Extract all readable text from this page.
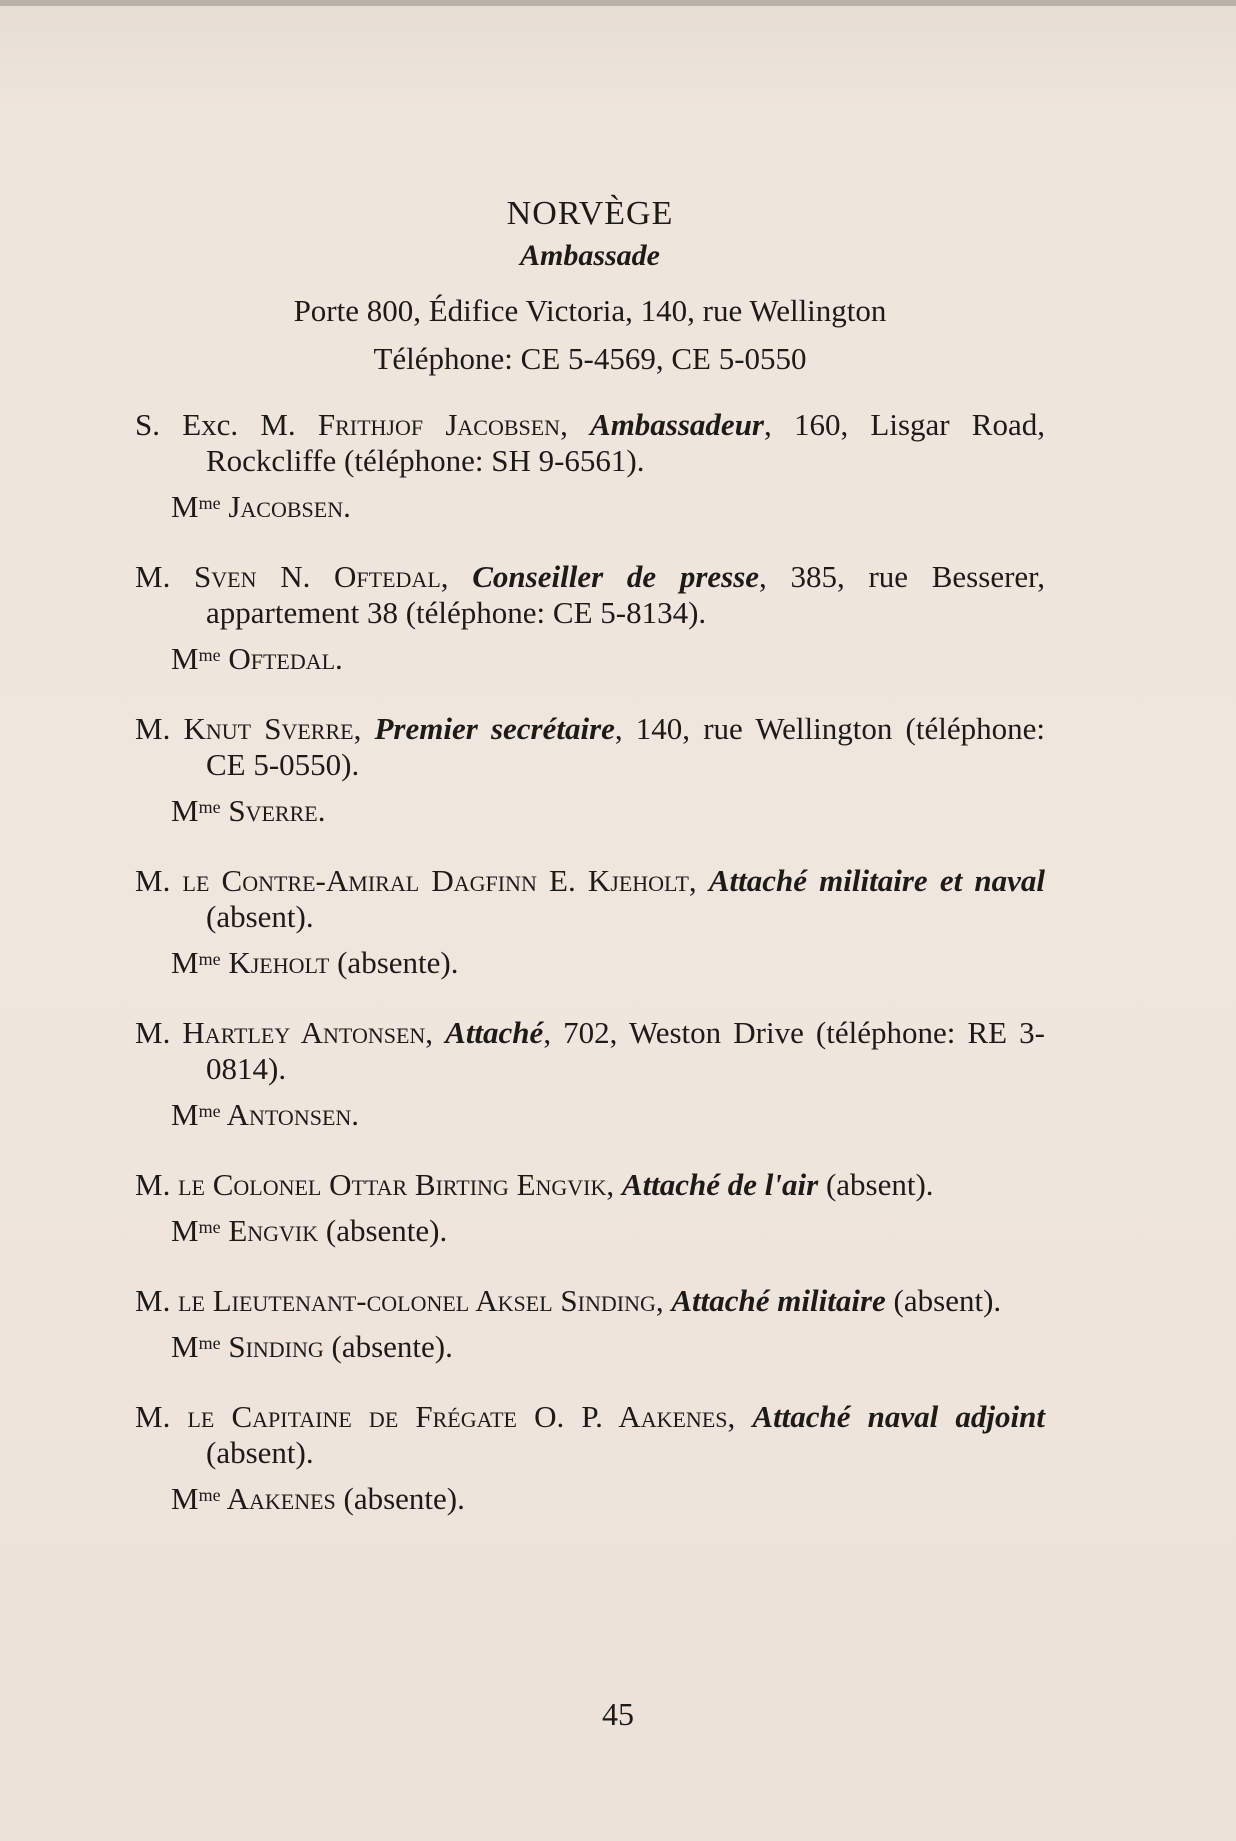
NORVÈGE

Ambassade

Porte 800, Édifice Victoria, 140, rue Wellington

Téléphone: CE 5-4569, CE 5-0550

S. Exc. M. Frithjof Jacobsen, Ambassadeur, 160, Lisgar Road, Rockcliffe (téléphone: SH 9-6561).

$M^{me}$ Jacobsen.

M. Sven N. Oftedal, Conseiller de presse, 385, rue Besserer, appartement 38 (téléphone: CE 5-8134).

$M^{me}$ Oftedal.

M. Knut Sverre, Premier secrétaire, 140, rue Wellington (téléphone: CE 5-0550).

$M^{me}$ Sverre.

M. le Contre-Amiral Dagfinn E. Kjeholt, Attaché militaire et naval (absent).

$M^{me}$ Kjeholt (absente).

M. Hartley Antonsen, Attaché, 702, Weston Drive (téléphone: RE 3-0814).

$M^{me}$ Antonsen.

M. le Colonel Ottar Birting Engvik, Attaché de l'air (absent).

$M^{me}$ Engvik (absente).

M. le Lieutenant-colonel Aksel Sinding, Attaché militaire (absent).

$M^{me}$ Sinding (absente).

M. le Capitaine de Frégate O. P. Aakenes, Attaché naval adjoint (absent).

$M^{me}$ Aakenes (absente).

45
